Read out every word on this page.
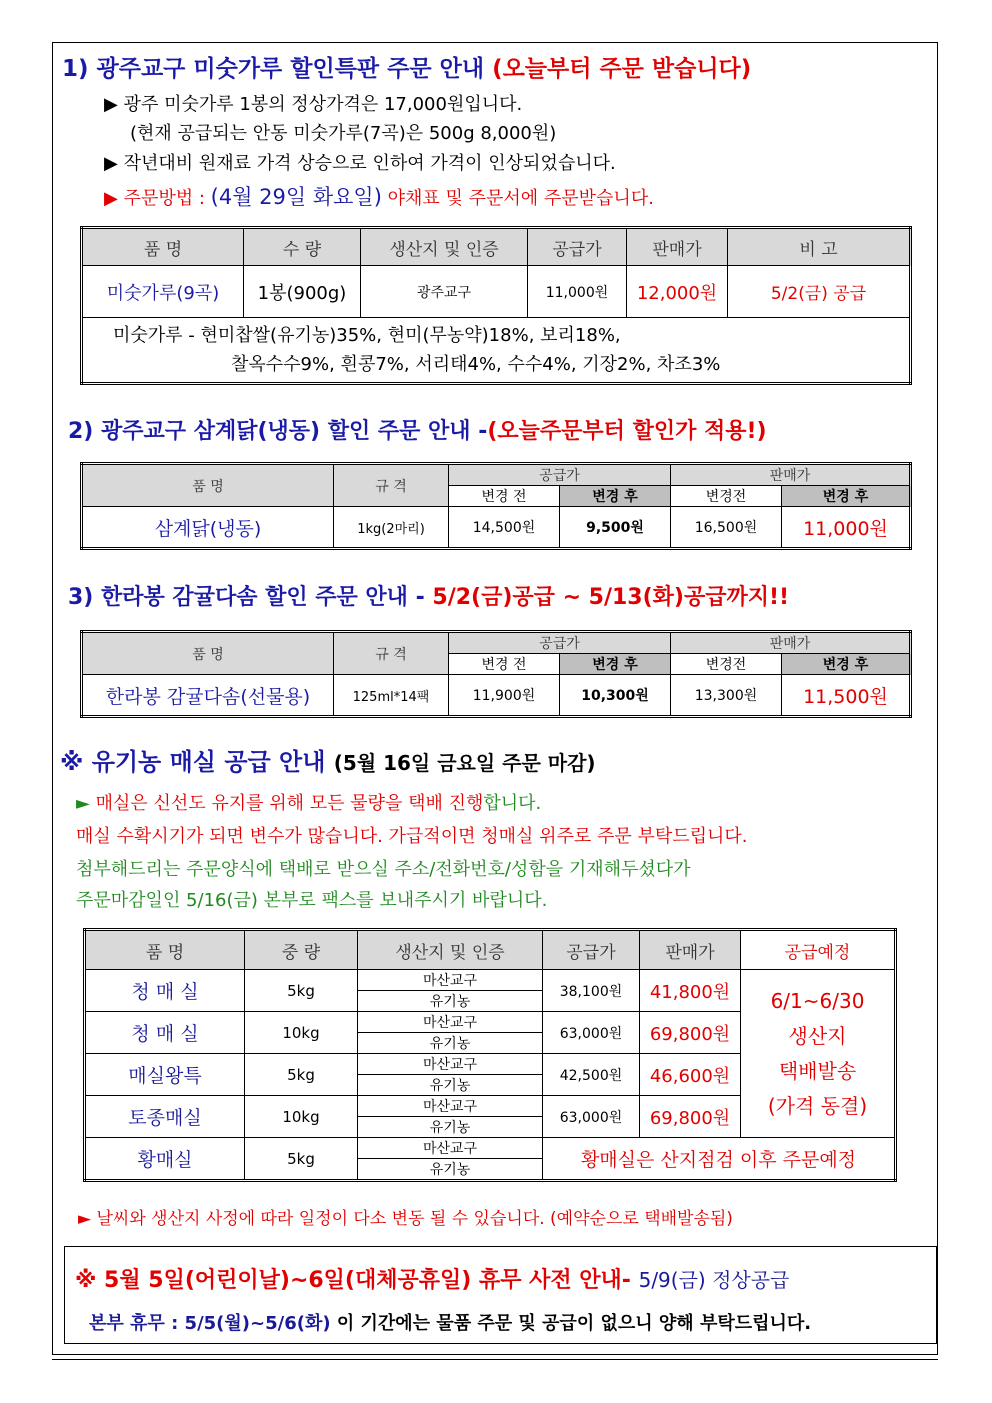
1) 광주교구 미숫가루 할인특판 주문 안내 (오늘부터 주문 받습니다)
▶ 광주 미숫가루 1봉의 정상가격은 17,000원입니다.
(현재 공급되는 안동 미숫가루(7곡)은 500g 8,000원)
▶ 작년대비 원재료 가격 상승으로 인하여 가격이 인상되었습니다.
▶ 주문방법 : (4월 29일 화요일) 야채표 및 주문서에 주문받습니다.
품 명	수 량	생산지 및 인증	공급가	판매가	비 고
미숫가루(9곡)	1봉(900g)	광주교구	11,000원	12,000원	5/2(금) 공급

미숫가루 - 현미찹쌀(유기농)35%, 현미(무농약)18%, 보리18%,
찰옥수수9%, 흰콩7%, 서리태4%, 수수4%, 기장2%, 차조3%					
2) 광주교구 삼계닭(냉동) 할인 주문 안내 -(오늘주문부터 할인가 적용!)
품 명	규 격	공급가		판매가	
		변경 전	변경 후	변경전	변경 후
삼계닭(냉동)	1kg(2마리)	14,500원	9,500원	16,500원	11,000원
3) 한라봉 감귤다솜 할인 주문 안내 - 5/2(금)공급 ~ 5/13(화)공급까지!!
품 명	규 격	공급가		판매가	
		변경 전	변경 후	변경전	변경 후
한라봉 감귤다솜(선물용)	125ml*14팩	11,900원	10,300원	13,300원	11,500원
※ 유기농 매실 공급 안내 (5월 16일 금요일 주문 마감)
► 매실은 신선도 유지를 위해 모든 물량을 택배 진행합니다.
매실 수확시기가 되면 변수가 많습니다. 가급적이면 청매실 위주로 주문 부탁드립니다.
첨부해드리는 주문양식에 택배로 받으실 주소/전화번호/성함을 기재해두셨다가
주문마감일인 5/16(금) 본부로 팩스를 보내주시기 바랍니다.
품 명	중 량	생산지 및 인증	공급가	판매가	공급예정
청 매 실	5kg	마산교구	38,100원	41,800원	6/1~6/30
생산지
택배발송
(가격 동결)

		유기농			
청 매 실	10kg	마산교구	63,000원	69,800원	
		유기농			
매실왕특	5kg	마산교구	42,500원	46,600원	
		유기농			
토종매실	10kg	마산교구	63,000원	69,800원	
		유기농			
황매실	5kg	마산교구	황매실은 산지점검 이후 주문예정		
		유기농			
► 날씨와 생산지 사정에 따라 일정이 다소 변동 될 수 있습니다. (예약순으로 택배발송됨)
※ 5월 5일(어린이날)~6일(대체공휴일) 휴무 사전 안내- 5/9(금) 정상공급
본부 휴무 : 5/5(월)~5/6(화) 이 기간에는 물품 주문 및 공급이 없으니 양해 부탁드립니다.
